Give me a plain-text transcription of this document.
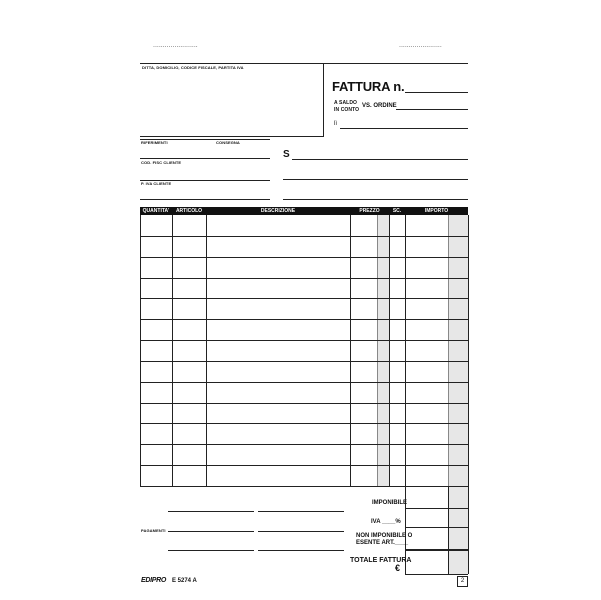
.......................	......................
DITTA, DOMICILIO, CODICE FISCALE, PARTITA IVA
FATTURA n.
A SALDO
IN CONTO
VS. ORDINE
lì
RIFERIMENTI	CONSEGNA
COD. FISC CLIENTE
P. IVA CLIENTE
S
QUANTITA'	ARTICOLO	DESCRIZIONE	PREZZO	SC.	IMPORTO
IMPONIBILE
IVA ____%
NON IMPONIBILE O
ESENTE ART.____
TOTALE FATTURA
€
PAGAMENTI
EDIPRO E 5274 A	2
